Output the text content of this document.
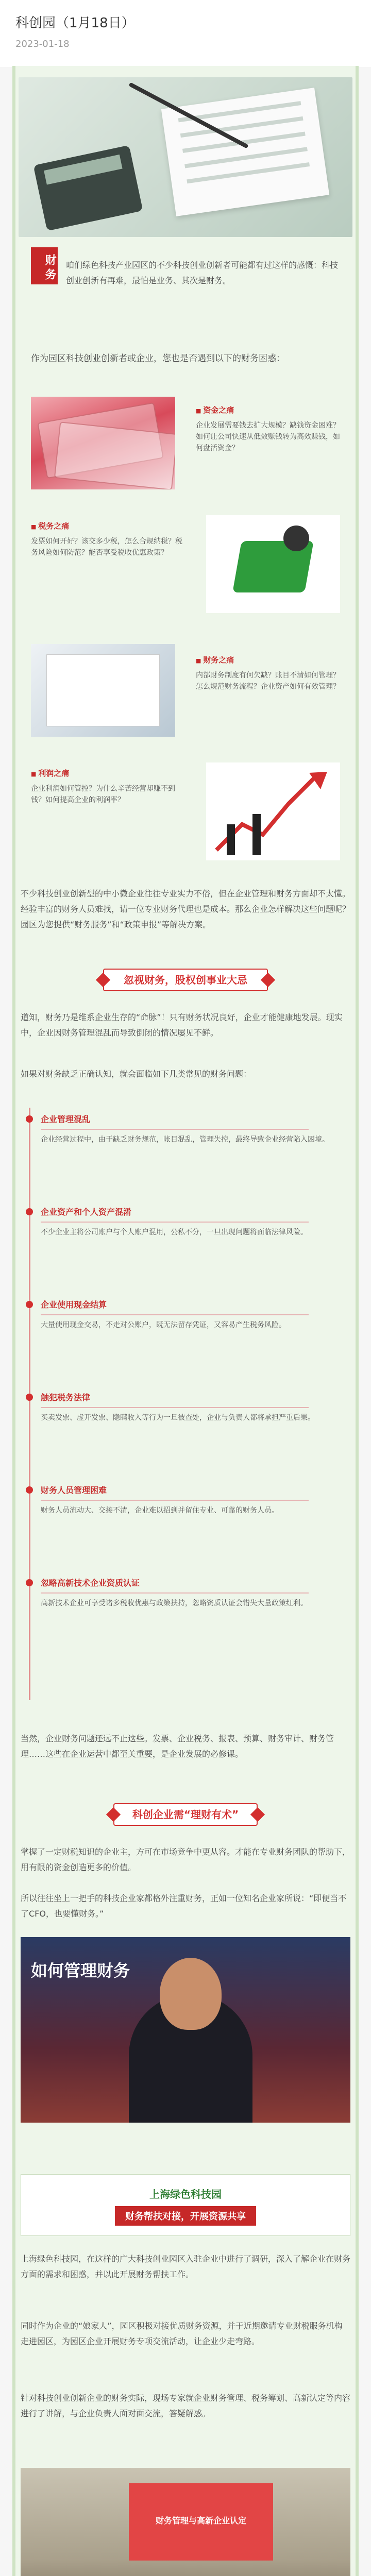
科创园（1月18日）
2023-01-18
财务 咱们绿色科技产业园区的不少科技创业创新者可能都有过这样的感慨：科技创业创新有再难，最怕是业务、其次是财务。
作为园区科技创业创新者或企业，您也是否遇到以下的财务困惑：
■ 资金之痛
企业发展需要钱去扩大规模？缺钱资金困难？如何让公司快速从低效赚钱转为高效赚钱，如何盘活资金？
■ 税务之痛
发票如何开好？该交多少税，怎么合规纳税？税务风险如何防范？能否享受税收优惠政策？
■ 财务之痛
内部财务制度有何欠缺？账目不清如何管理？怎么规范财务流程？企业资产如何有效管理？
■ 利润之痛
企业利润如何管控？为什么辛苦经营却赚不到钱？如何提高企业的利润率？
不少科技创业创新型的中小微企业往往专业实力不俗，但在企业管理和财务方面却不太懂。经验丰富的财务人员难找，请一位专业财务代理也是成本。那么企业怎样解决这些问题呢？园区为您提供“财务服务”和“政策申报”等解决方案。
忽视财务，股权创事业大忌
道知，财务乃是维系企业生存的“命脉”！只有财务状况良好，企业才能健康地发展。现实中，企业因财务管理混乱而导致倒闭的情况屡见不鲜。
如果对财务缺乏正确认知，就会面临如下几类常见的财务问题：
企业管理混乱
企业经营过程中，由于缺乏财务规范，帐目混乱，管理失控，最终导致企业经营陷入困境。
企业资产和个人资产混淆
不少企业主将公司账户与个人账户混用，公私不分，一旦出现问题将面临法律风险。
企业使用现金结算
大量使用现金交易，不走对公账户，既无法留存凭证，又容易产生税务风险。
触犯税务法律
买卖发票、虚开发票、隐瞒收入等行为一旦被查处，企业与负责人都将承担严重后果。
财务人员管理困难
财务人员流动大、交接不清，企业难以招到并留住专业、可靠的财务人员。
忽略高新技术企业资质认证
高新技术企业可享受诸多税收优惠与政策扶持，忽略资质认证会错失大量政策红利。
当然，企业财务问题还远不止这些。发票、企业税务、报表、预算、财务审计、财务管理……这些在企业运营中都至关重要，是企业发展的必修课。
科创企业需“理财有术”
掌握了一定财税知识的企业主，方可在市场竞争中更从容。才能在专业财务团队的帮助下，用有限的资金创造更多的价值。
所以往往坐上一把手的科技企业家都格外注重财务，正如一位知名企业家所说：“即便当不了CFO，也要懂财务。”
如何管理财务
上海绿色科技园
财务帮扶对接，开展资源共享
上海绿色科技园，在这样的广大科技创业园区入驻企业中进行了调研，深入了解企业在财务方面的需求和困惑，并以此开展财务帮扶工作。
同时作为企业的“娘家人”，园区积极对接优质财务资源，并于近期邀请专业财税服务机构走进园区，为园区企业开展财务专项交流活动，让企业少走弯路。
针对科技创业创新企业的财务实际，现场专家就企业财务管理、税务筹划、高新认定等内容进行了讲解，与企业负责人面对面交流，答疑解惑。
财务管理与高新企业认定
